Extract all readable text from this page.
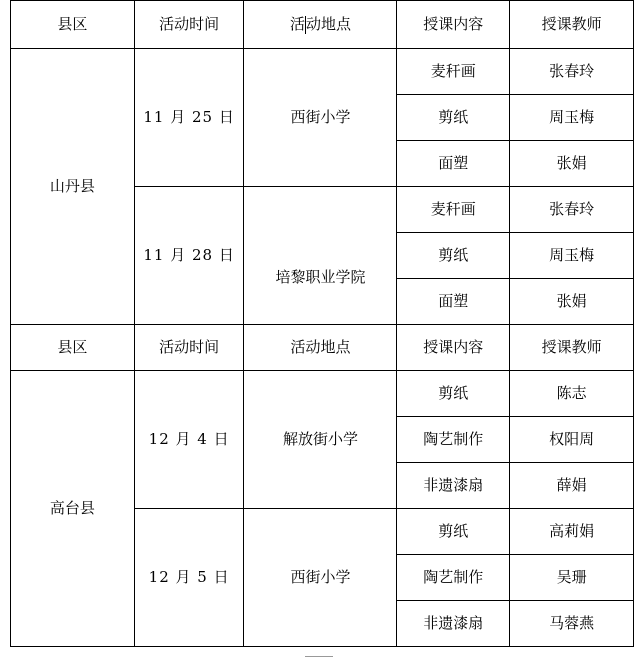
县区	活动时间	活动地点	授课内容	授课教师
山丹县	11 月 25 日	西街小学	麦秆画	张春玲
			剪纸	周玉梅
			面塑	张娟
	11 月 28 日	培黎职业学院	麦秆画	张春玲
			剪纸	周玉梅
			面塑	张娟
县区	活动时间	活动地点	授课内容	授课教师
高台县	12 月 4 日	解放街小学	剪纸	陈志
			陶艺制作	权阳周
			非遗漆扇	薛娟
	12 月 5 日	西街小学	剪纸	高莉娟
			陶艺制作	吴珊
			非遗漆扇	马蓉燕
